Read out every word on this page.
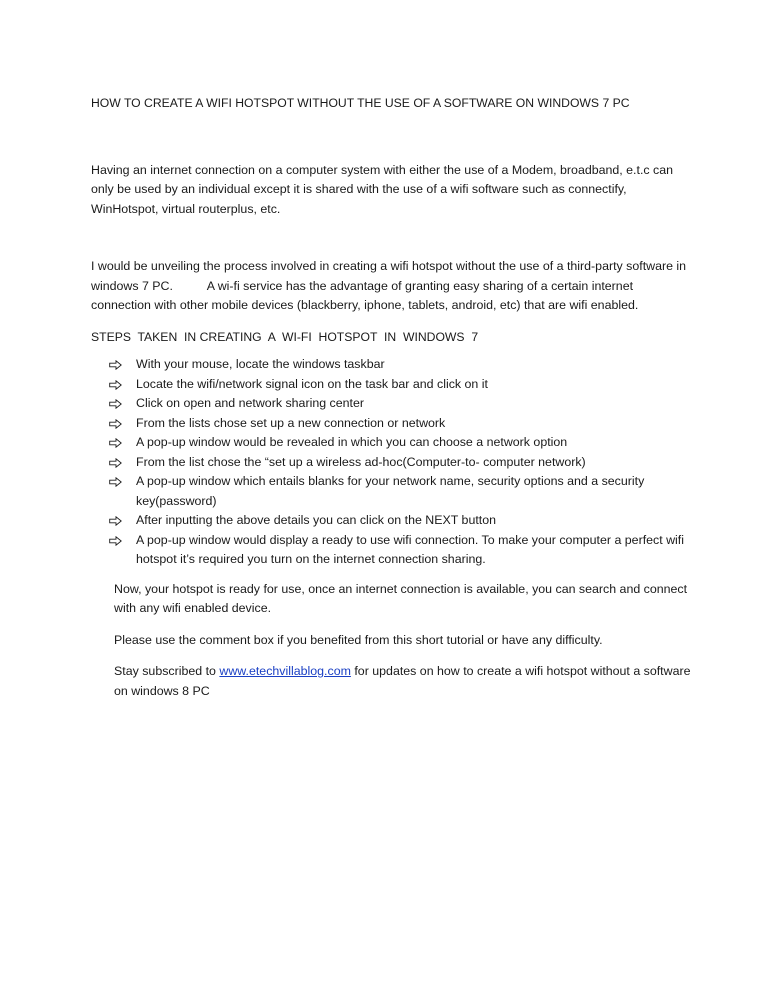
HOW TO CREATE A WIFI HOTSPOT WITHOUT THE USE OF A SOFTWARE ON WINDOWS 7 PC

Having an internet connection on a computer system with either the use of a Modem, broadband, e.t.c can only be used by an individual except it is shared with the use of a wifi software such as connectify, WinHotspot, virtual routerplus, etc.

I would be unveiling the process involved in creating a wifi hotspot without the use of a third-party software in windows 7 PC.          A wi-fi service has the advantage of granting easy sharing of a certain internet connection with other mobile devices (blackberry, iphone, tablets, android, etc) that are wifi enabled.

STEPS  TAKEN  IN CREATING  A  WI-FI  HOTSPOT  IN  WINDOWS  7
With your mouse, locate the windows taskbar
Locate the wifi/network signal icon on the task bar and click on it
Click on open and network sharing center
From the lists chose set up a new connection or network
A pop-up window would be revealed in which you can choose a network option
From the list chose the “set up a wireless ad-hoc(Computer-to- computer network)
A pop-up window which entails blanks for your network name, security options and a security key(password)
After inputting the above details you can click on the NEXT button
A pop-up window would display a ready to use wifi connection. To make your computer a perfect wifi hotspot it’s required you turn on the internet connection sharing.

Now, your hotspot is ready for use, once an internet connection is available, you can search and connect with any wifi enabled device.

Please use the comment box if you benefited from this short tutorial or have any difficulty.

Stay subscribed to www.etechvillablog.com for updates on how to create a wifi hotspot without a software on windows 8 PC
